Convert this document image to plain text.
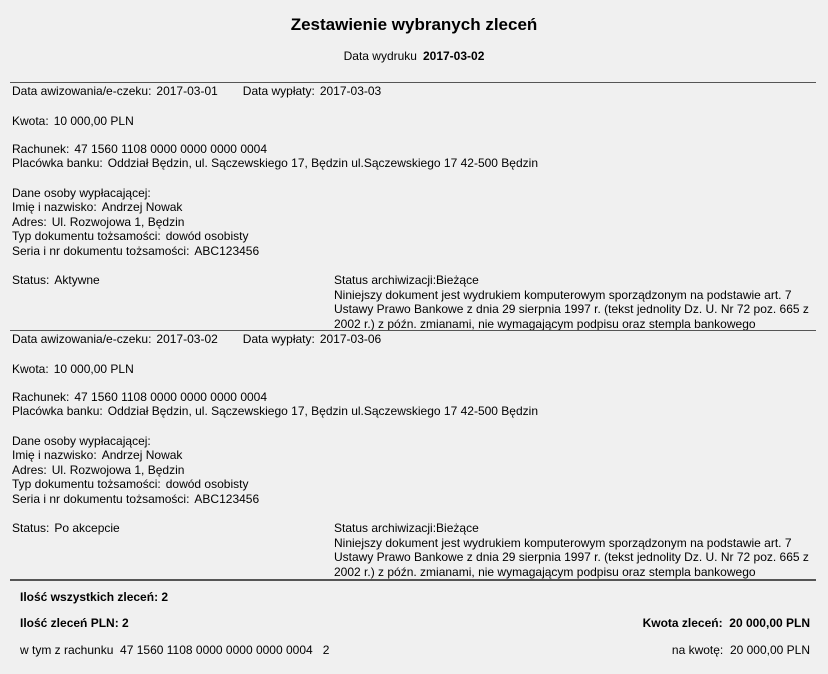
Zestawienie wybranych zleceń
Data wydruku 2017-03-02
Data awizowania/e-czeku: 2017-03-01 Data wypłaty: 2017-03-03
Kwota: 10 000,00 PLN
Rachunek: 47 1560 1108 0000 0000 0000 0004
Placówka banku: Oddział Będzin, ul. Sączewskiego 17, Będzin ul.Sączewskiego 17 42-500 Będzin
Dane osoby wypłacającej:
Imię i nazwisko: Andrzej Nowak
Adres: Ul. Rozwojowa 1, Będzin
Typ dokumentu tożsamości: dowód osobisty
Seria i nr dokumentu tożsamości: ABC123456
Status: Aktywne	Status archiwizacji:Bieżące
Niniejszy dokument jest wydrukiem komputerowym sporządzonym na podstawie art. 7 Ustawy Prawo Bankowe z dnia 29 sierpnia 1997 r. (tekst jednolity Dz. U. Nr 72 poz. 665 z 2002 r.) z późn. zmianami, nie wymagającym podpisu oraz stempla bankowego
Data awizowania/e-czeku: 2017-03-02 Data wypłaty: 2017-03-06
Kwota: 10 000,00 PLN
Rachunek: 47 1560 1108 0000 0000 0000 0004
Placówka banku: Oddział Będzin, ul. Sączewskiego 17, Będzin ul.Sączewskiego 17 42-500 Będzin
Dane osoby wypłacającej:
Imię i nazwisko: Andrzej Nowak
Adres: Ul. Rozwojowa 1, Będzin
Typ dokumentu tożsamości: dowód osobisty
Seria i nr dokumentu tożsamości: ABC123456
Status: Po akcepcie	Status archiwizacji:Bieżące
Niniejszy dokument jest wydrukiem komputerowym sporządzonym na podstawie art. 7 Ustawy Prawo Bankowe z dnia 29 sierpnia 1997 r. (tekst jednolity Dz. U. Nr 72 poz. 665 z 2002 r.) z późn. zmianami, nie wymagającym podpisu oraz stempla bankowego
Ilość wszystkich zleceń: 2
Ilość zleceń PLN: 2	Kwota zleceń: 20 000,00 PLN
w tym z rachunku 47 1560 1108 0000 0000 0000 0004 2	na kwotę: 20 000,00 PLN
